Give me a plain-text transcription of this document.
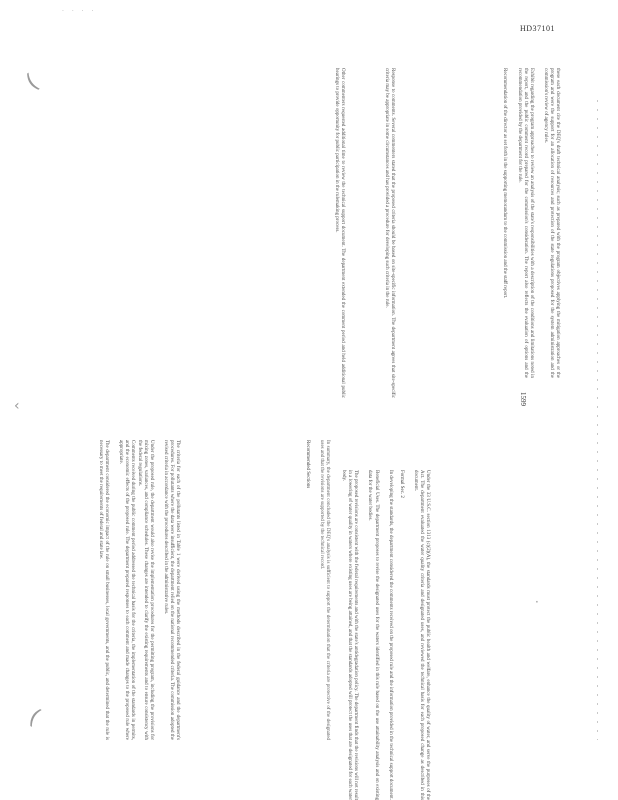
· · · ·
HD37101
(
‹
(
·
1599

these each document cite the DEQ's draft technical analysis; such as prepared with the program objectives applying the mitigation approaches or the program and were the support for an allocation of resources and protection of the state regulations proposed for the system administration and the commission's review of agency rules.

Exhibit regarding the program approaches to review an analysis of the state's responsibilities with a description of the conditions and limitations noted in the report, and the public comment record prepared for the commission's consideration. The report also reflects the evaluation of options and the recommendation provided by the department for the rule.

Recommendation of the director as set forth in the supporting memorandum to the commission and the staff report.

Response to comments. Several commenters stated that the proposed criteria should be based on site-specific information. The department agrees that site-specific criteria may be appropriate in some circumstances and has provided a procedure for developing such criteria in the rule.

Other commenters requested additional time to review the technical support document. The department extended the comment period and held additional public hearings to provide opportunity for public participation in the rulemaking process.

Under the 33 U.S.C. section 1313 (c)(2)(A), the standards must protect the public health and welfare, enhance the quality of water, and serve the purposes of the Act. The department evaluated the water quality criteria and designated uses, and reviewed the technical basis for each proposed change as described in this document.

Formal Sec. 2

In developing the standards, the department considered the comments received on the proposed rule and the information provided in the technical support document.

Beneficial Uses. The department proposes to revise the designated uses for the waters identified in this rule based on the use attainability analysis and on existing data for the water bodies.

The proposed revisions are consistent with the federal requirements and with the state's antidegradation policy. The department finds that the revisions will not result in a lowering of water quality in waters where existing uses are being attained, and that the standards adopted will protect the uses that are designated for each water body.

In summary, the department concluded the DEQ's analysis is sufficient to support the determination that the criteria are protective of the designated uses and that the revisions are supported by the technical record.

Recommended Sections

The criteria for each of the pollutants listed in Table 1 were derived using the methods described in the federal guidance and the department's procedures. For pollutants where the data were insufficient, the department relied on the national recommended criteria. The commission adopted the revised criteria in accordance with the procedures described in the administrative rules.

Under the proposed rule, the department would also revise the implementation procedures for the permitting program, including the provisions for mixing zones, variances, and compliance schedules. These changes are intended to clarify the existing requirements and to ensure consistency with the federal regulations.

Comments received during the public comment period addressed the technical basis for the criteria, the implementation of the standards in permits, and the economic effects of the proposed rule. The department prepared responses to each comment and made changes to the proposed rule where appropriate.

The department considered the economic impact of the rule on small businesses, local governments, and the public, and determined that the rule is necessary to meet the requirements of federal and state law.
